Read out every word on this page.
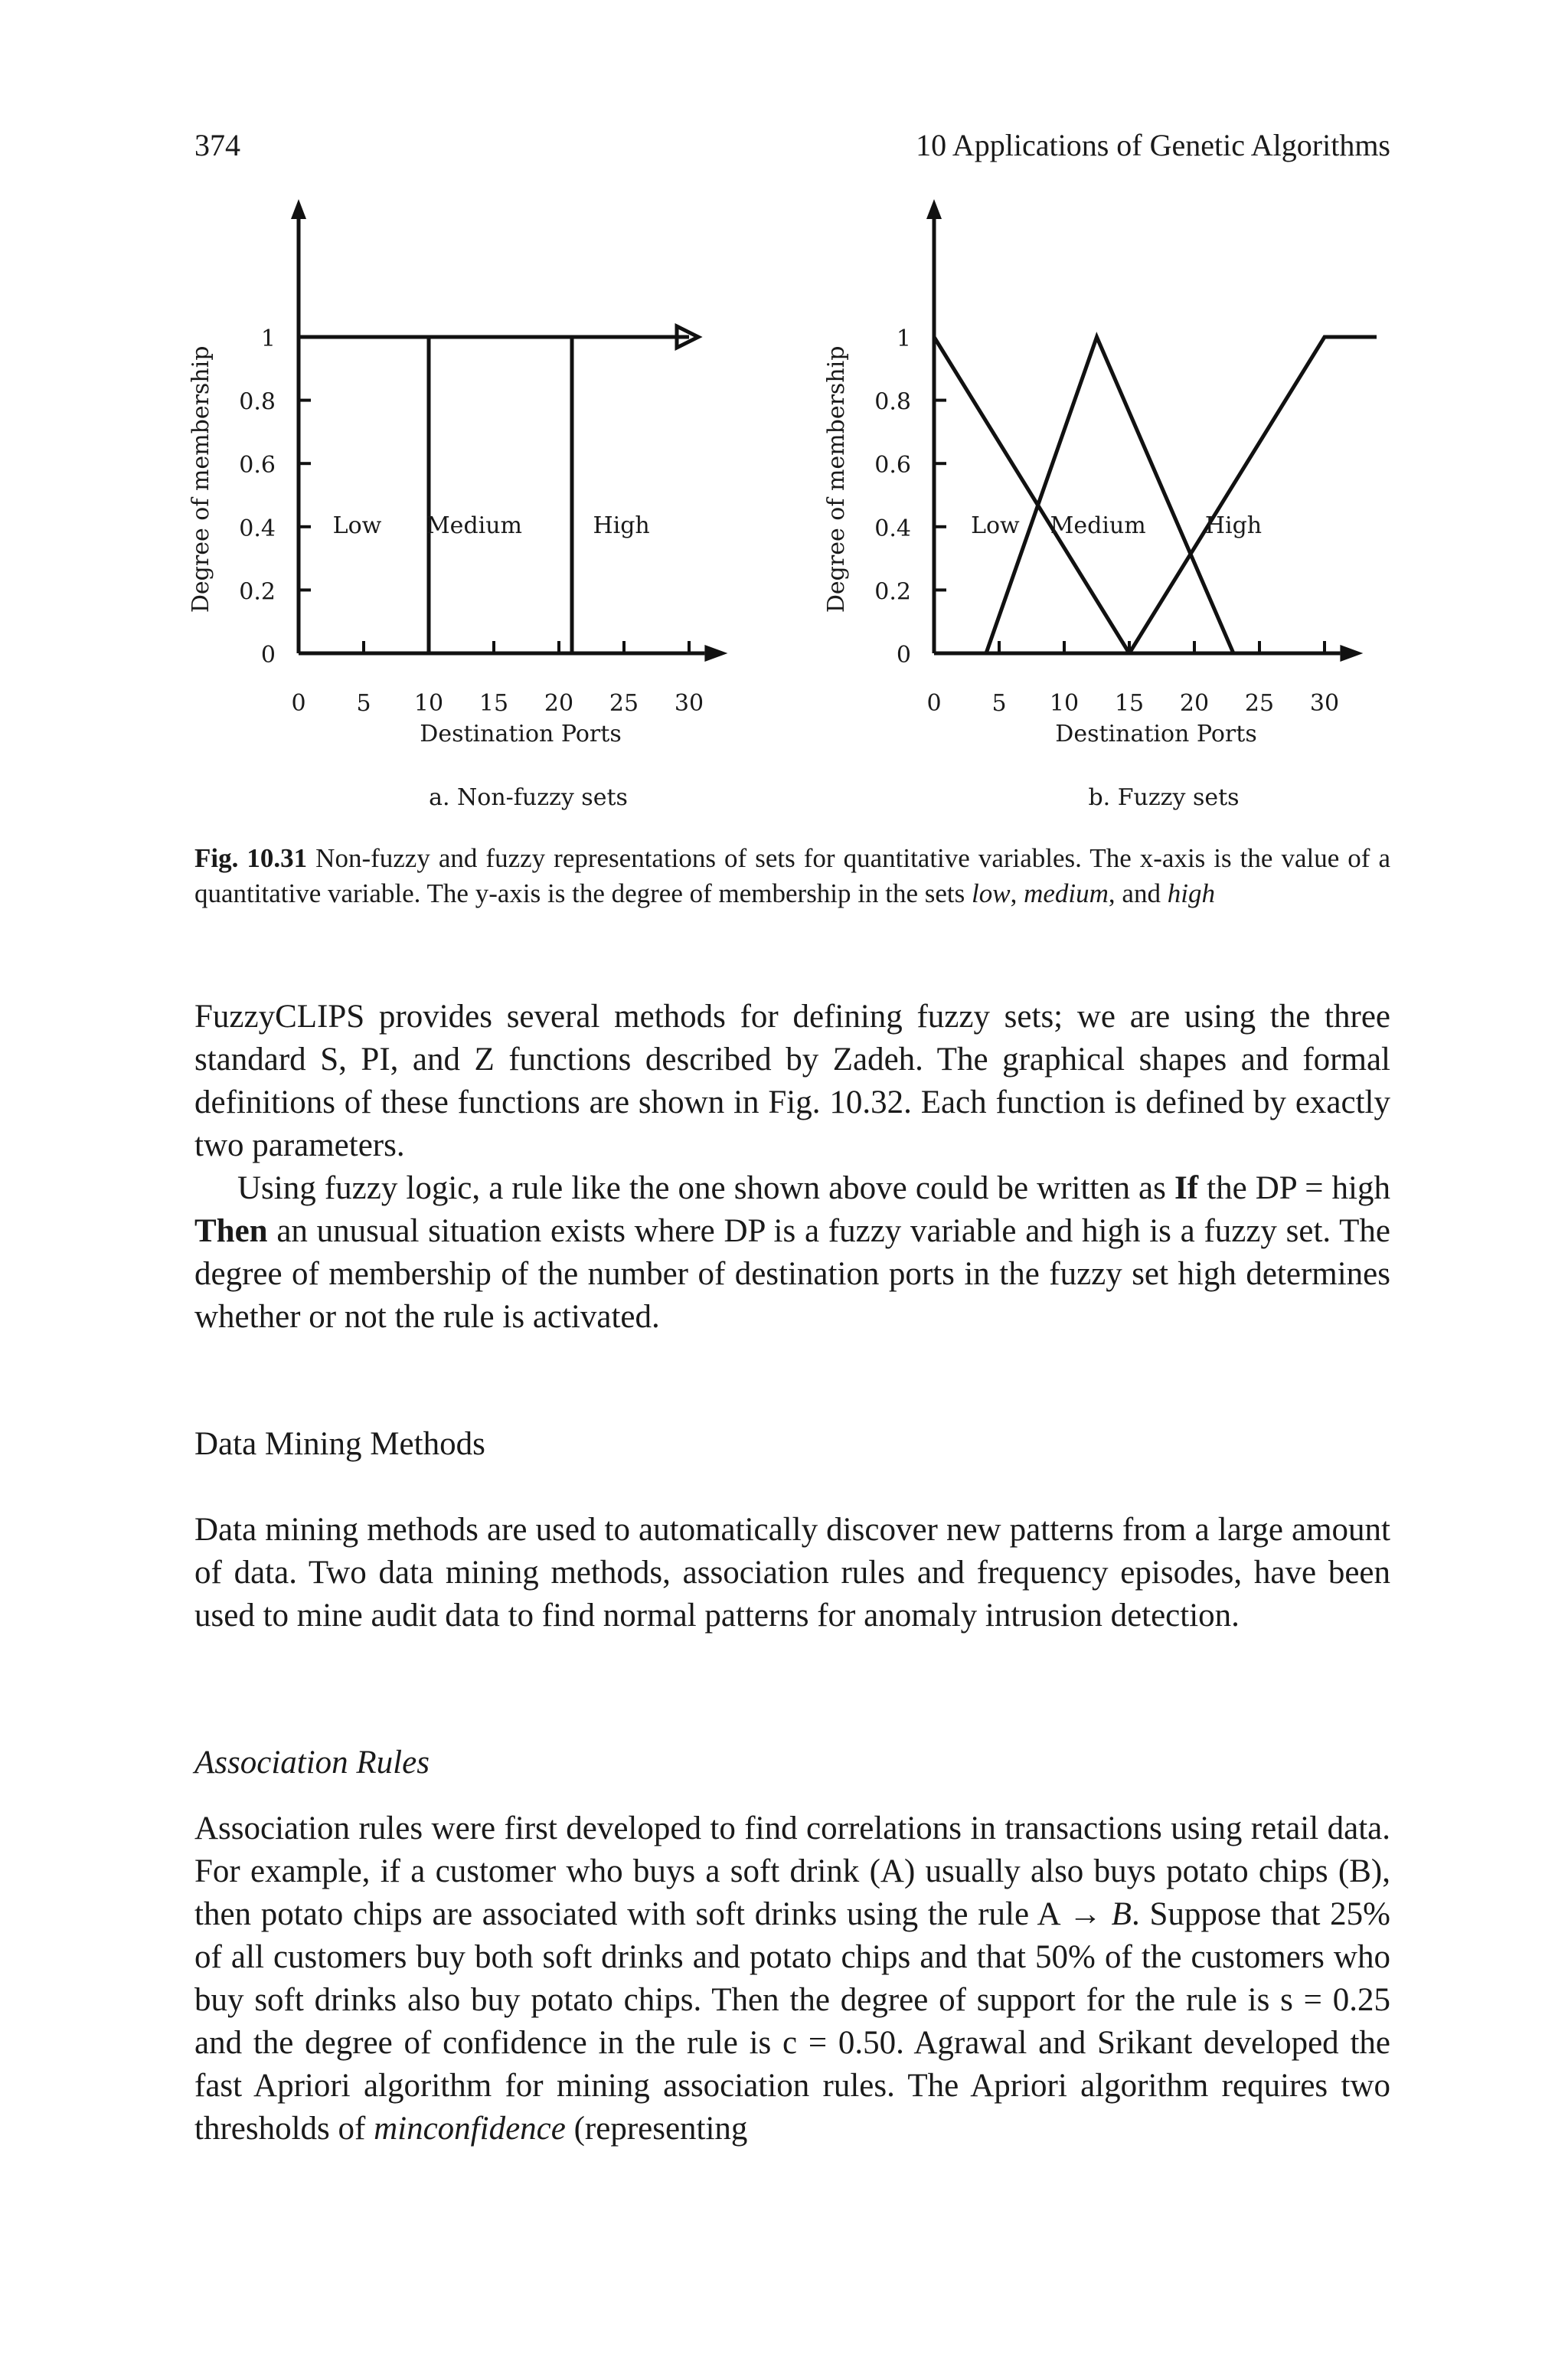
374	10 Applications of Genetic Algorithms
0
0.2
0.4
0.6
0.8
1
0 5 10 15 20 25 30
Destination Ports
Degree of membership
a. Non-fuzzy sets
Low Medium	High
0
0.2
0.4
0.6
0.8
1
0 5 10 15 20 25 30
Destination Ports
Degree of membership
b. Fuzzy sets
Low Medium	High
Fig. 10.31 Non-fuzzy and fuzzy representations of sets for quantitative variables. The x-axis is the value of a quantitative variable. The y-axis is the degree of membership in the sets low, medium, and high

FuzzyCLIPS provides several methods for defining fuzzy sets; we are using the three standard S, PI, and Z functions described by Zadeh. The graphical shapes and formal definitions of these functions are shown in Fig. 10.32. Each function is defined by exactly two parameters.

Using fuzzy logic, a rule like the one shown above could be written as If the DP = high Then an unusual situation exists where DP is a fuzzy variable and high is a fuzzy set. The degree of membership of the number of destination ports in the fuzzy set high determines whether or not the rule is activated.

Data Mining Methods

Data mining methods are used to automatically discover new patterns from a large amount of data. Two data mining methods, association rules and frequency episodes, have been used to mine audit data to find normal patterns for anomaly intrusion detection.

Association Rules

Association rules were first developed to find correlations in transactions using retail data. For example, if a customer who buys a soft drink (A) usually also buys potato chips (B), then potato chips are associated with soft drinks using the rule A → B. Suppose that 25% of all customers buy both soft drinks and potato chips and that 50% of the customers who buy soft drinks also buy potato chips. Then the degree of support for the rule is s = 0.25 and the degree of confidence in the rule is c = 0.50. Agrawal and Srikant developed the fast Apriori algorithm for mining association rules. The Apriori algorithm requires two thresholds of minconfidence (representing
